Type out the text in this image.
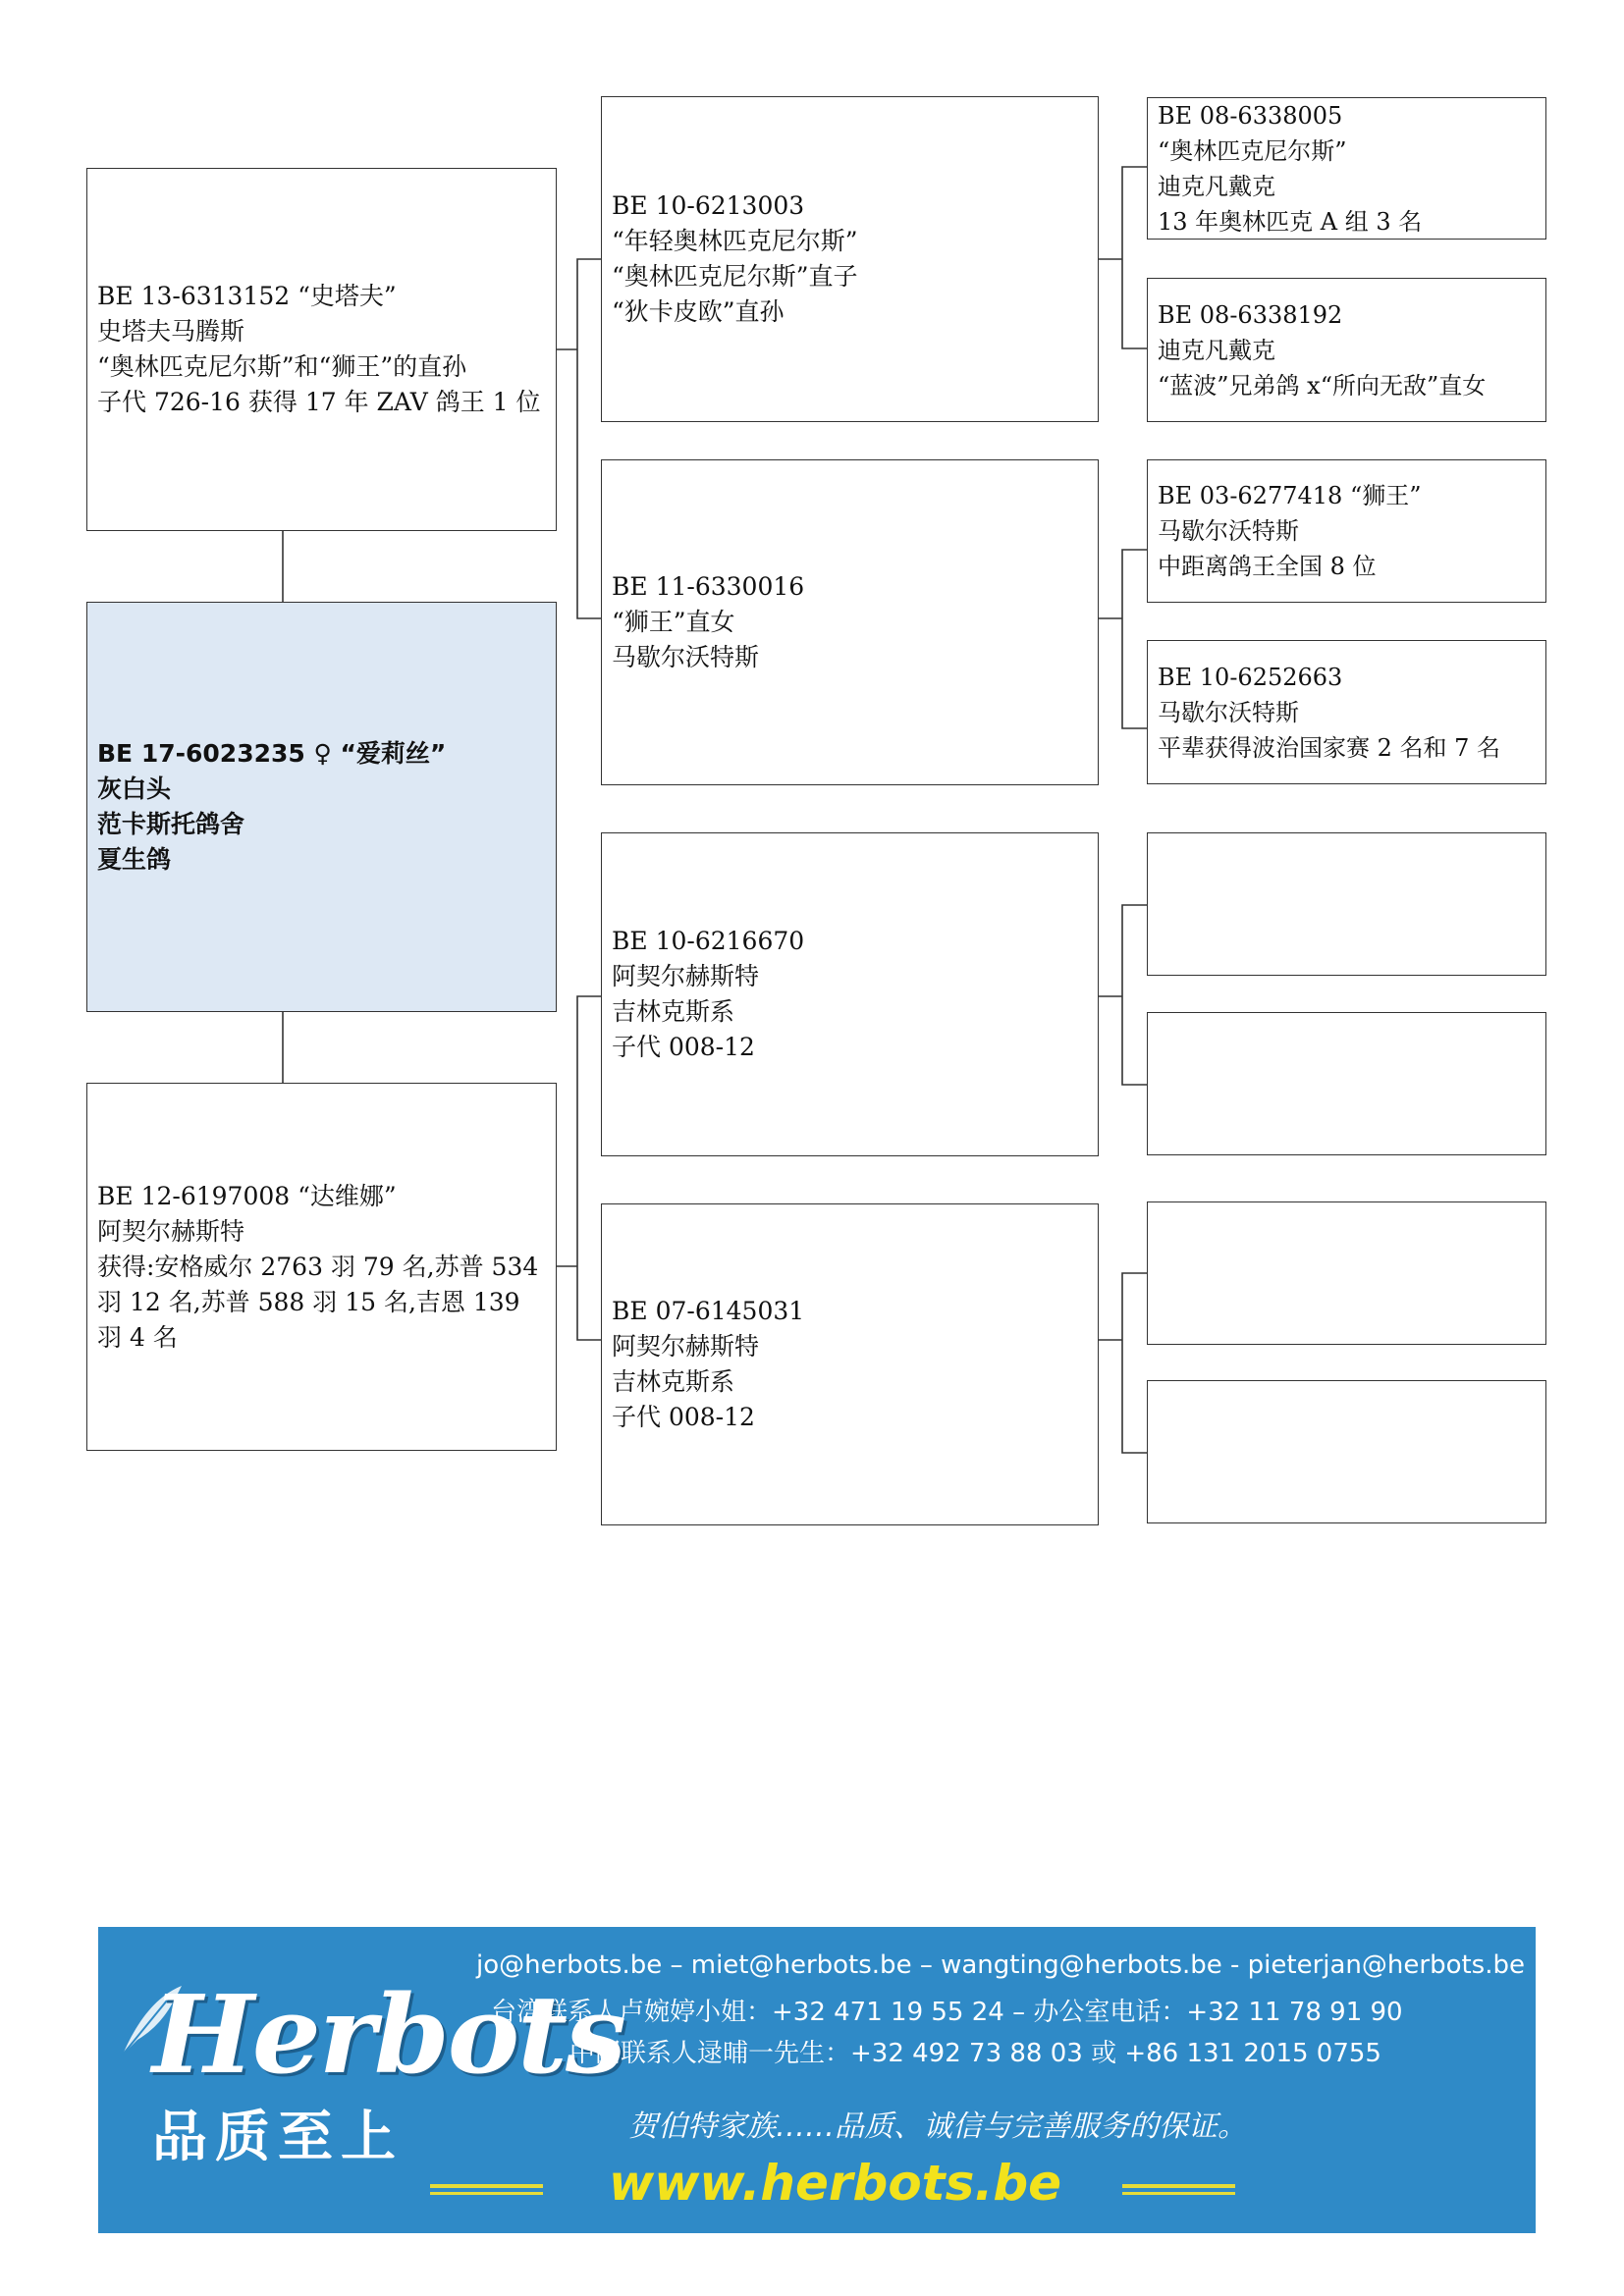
BE 17-6023235 ♀ “爱莉丝”
灰白头
范卡斯托鸽舍
夏生鸽
BE 13-6313152 “史塔夫”
史塔夫马腾斯
“奥林匹克尼尔斯”和“狮王”的直孙
子代 726-16 获得 17 年 ZAV 鸽王 1 位
BE 12-6197008 “达维娜”
阿契尔赫斯特
获得:安格威尔 2763 羽 79 名,苏普 534 羽 12 名,苏普 588 羽 15 名,吉恩 139 羽 4 名
BE 10-6213003
“年轻奥林匹克尼尔斯”
“奥林匹克尼尔斯”直子
“狄卡皮欧”直孙
BE 11-6330016
“狮王”直女
马歇尔沃特斯
BE 10-6216670
阿契尔赫斯特
吉林克斯系
子代 008-12
BE 07-6145031
阿契尔赫斯特
吉林克斯系
子代 008-12
BE 08-6338005
“奥林匹克尼尔斯”
迪克凡戴克
13 年奥林匹克 A 组 3 名
BE 08-6338192
迪克凡戴克
“蓝波”兄弟鸽 x“所向无敌”直女
BE 03-6277418 “狮王”
马歇尔沃特斯
中距离鸽王全国 8 位
BE 10-6252663
马歇尔沃特斯
平辈获得波治国家赛 2 名和 7 名
Herbots
品质至上
jo@herbots.be – miet@herbots.be – wangting@herbots.be - pieterjan@herbots.be
台湾联系人卢婉婷小姐：+32 471 19 55 24 – 办公室电话：+32 11 78 91 90
中国联系人逯晡一先生：+32 492 73 88 03 或 +86 131 2015 0755
贺伯特家族……品质、诚信与完善服务的保证。
www.herbots.be
